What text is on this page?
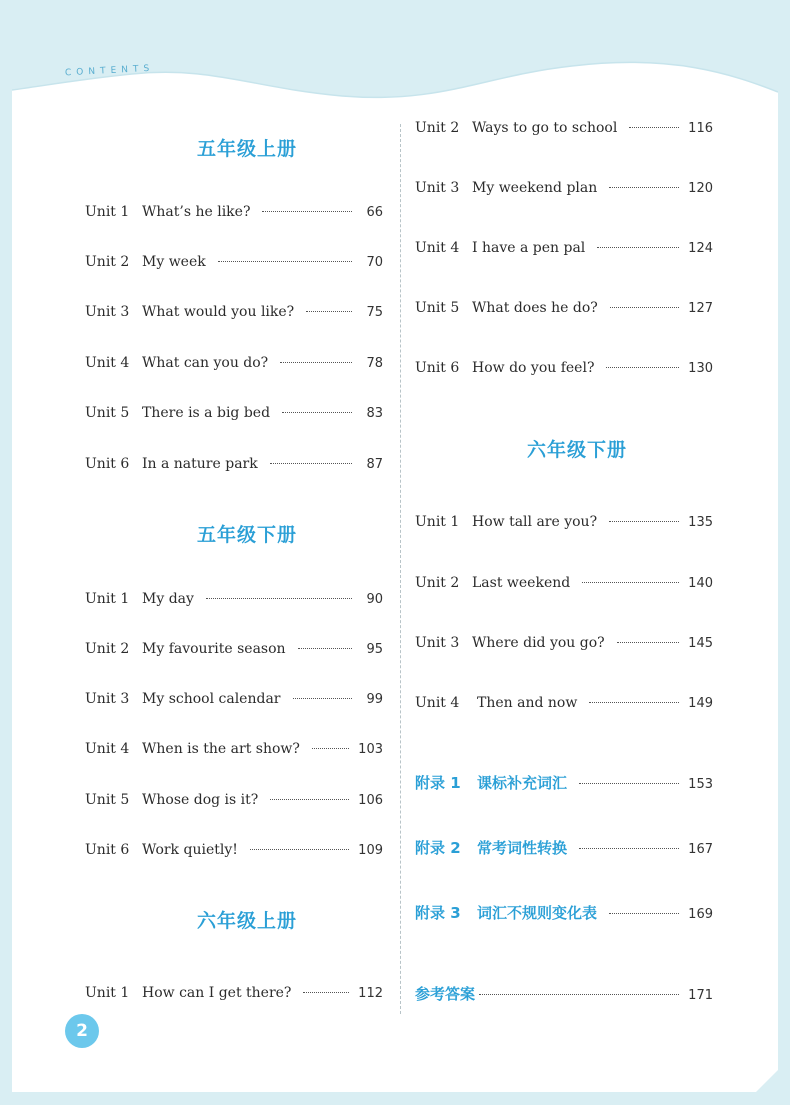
CONTENTS
五年级上册
Unit 1 What’s he like?	66
Unit 2 My week	70
Unit 3 What would you like?	75
Unit 4 What can you do?	78
Unit 5 There is a big bed	83
Unit 6 In a nature park	87
五年级下册
Unit 1 My day	90
Unit 2 My favourite season	95
Unit 3 My school calendar	99
Unit 4 When is the art show?	103
Unit 5 Whose dog is it?	106
Unit 6 Work quietly!	109
六年级上册
Unit 1 How can I get there?	112
Unit 2 Ways to go to school	116
Unit 3 My weekend plan	120
Unit 4 I have a pen pal	124
Unit 5 What does he do?	127
Unit 6 How do you feel?	130
六年级下册
Unit 1 How tall are you?	135
Unit 2 Last weekend	140
Unit 3 Where did you go?	145
Unit 4	Then and now	149
附录 1	课标补充词汇	153
附录 2	常考词性转换	167
附录 3	词汇不规则变化表	169
参考答案	171
2
